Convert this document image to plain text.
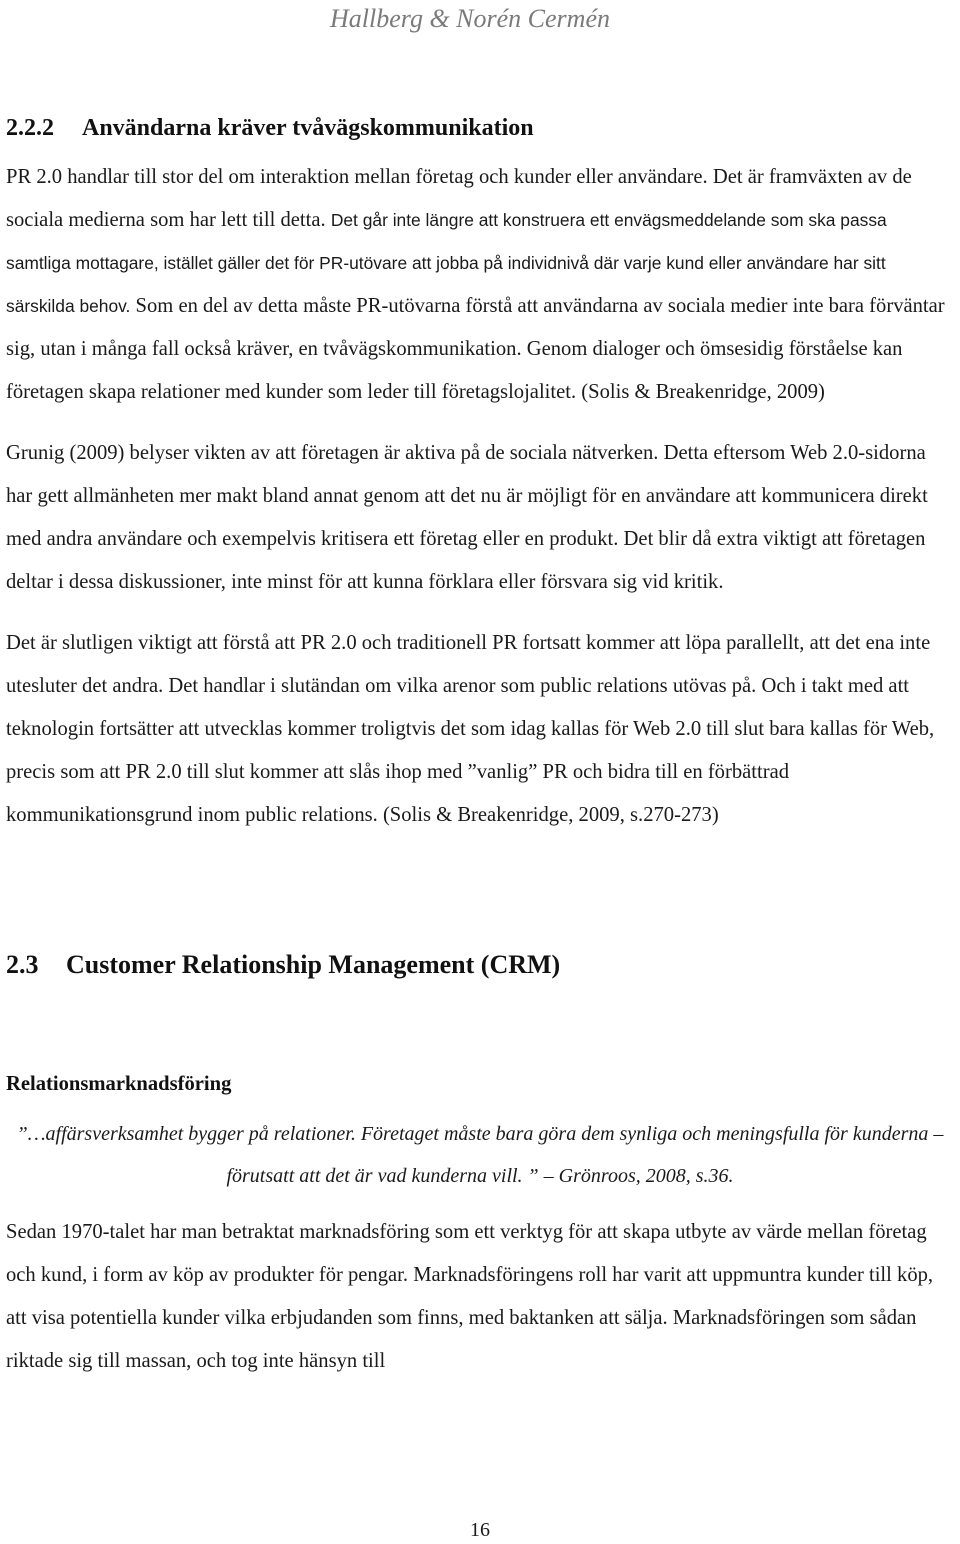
Hallberg & Norén Cermén
2.2.2 Användarna kräver tvåvägskommunikation

PR 2.0 handlar till stor del om interaktion mellan företag och kunder eller användare. Det är framväxten av de sociala medierna som har lett till detta. Det går inte längre att konstruera ett envägsmeddelande som ska passa samtliga mottagare, istället gäller det för PR-utövare att jobba på individnivå där varje kund eller användare har sitt särskilda behov. Som en del av detta måste PR-utövarna förstå att användarna av sociala medier inte bara förväntar sig, utan i många fall också kräver, en tvåvägskommunikation. Genom dialoger och ömsesidig förståelse kan företagen skapa relationer med kunder som leder till företagslojalitet. (Solis & Breakenridge, 2009)

Grunig (2009) belyser vikten av att företagen är aktiva på de sociala nätverken. Detta eftersom Web 2.0-sidorna har gett allmänheten mer makt bland annat genom att det nu är möjligt för en användare att kommunicera direkt med andra användare och exempelvis kritisera ett företag eller en produkt. Det blir då extra viktigt att företagen deltar i dessa diskussioner, inte minst för att kunna förklara eller försvara sig vid kritik.

Det är slutligen viktigt att förstå att PR 2.0 och traditionell PR fortsatt kommer att löpa parallellt, att det ena inte utesluter det andra. Det handlar i slutändan om vilka arenor som public relations utövas på. Och i takt med att teknologin fortsätter att utvecklas kommer troligtvis det som idag kallas för Web 2.0 till slut bara kallas för Web, precis som att PR 2.0 till slut kommer att slås ihop med ”vanlig” PR och bidra till en förbättrad kommunikationsgrund inom public relations. (Solis & Breakenridge, 2009, s.270-273)

2.3 Customer Relationship Management (CRM)
Relationsmarknadsföring
”…affärsverksamhet bygger på relationer. Företaget måste bara göra dem synliga och meningsfulla för kunderna –
förutsatt att det är vad kunderna vill. ” – Grönroos, 2008, s.36.

Sedan 1970-talet har man betraktat marknadsföring som ett verktyg för att skapa utbyte av värde mellan företag och kund, i form av köp av produkter för pengar. Marknadsföringens roll har varit att uppmuntra kunder till köp, att visa potentiella kunder vilka erbjudanden som finns, med baktanken att sälja. Marknadsföringen som sådan riktade sig till massan, och tog inte hänsyn till

16
